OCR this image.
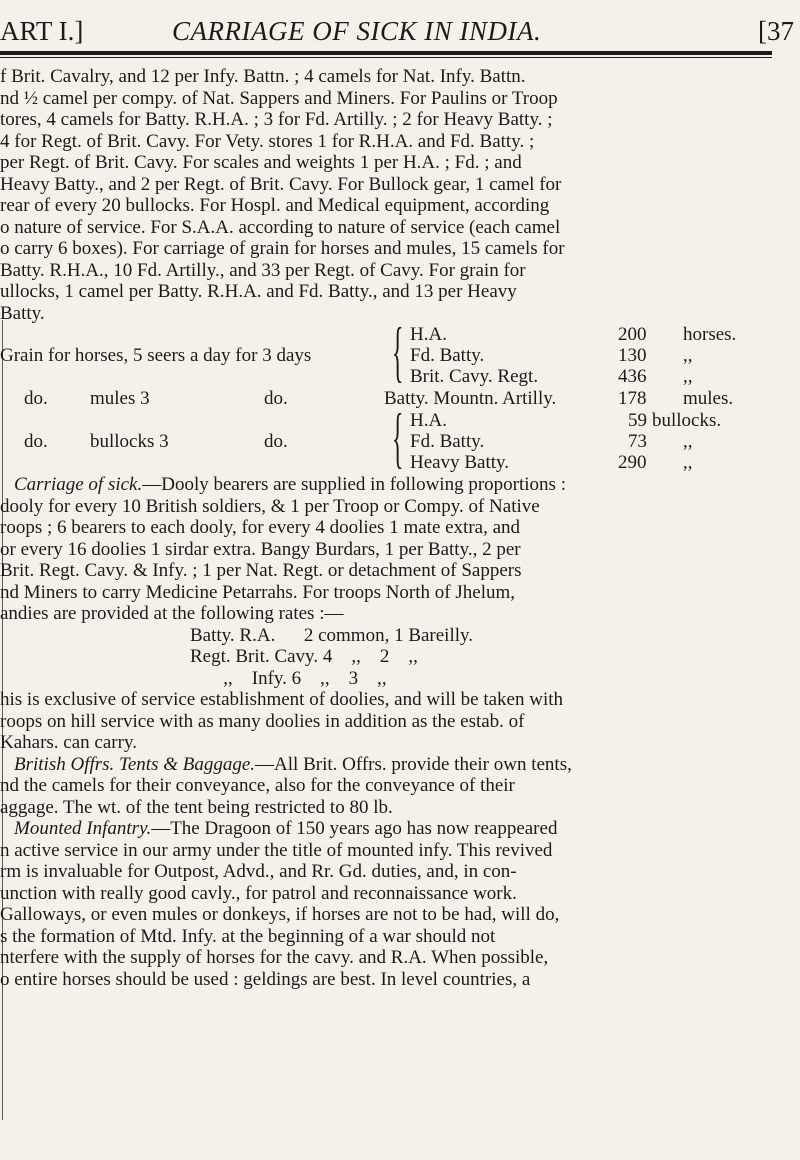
ART I.]	CARRIAGE OF SICK IN INDIA.	[37
f Brit. Cavalry, and 12 per Infy. Battn. ; 4 camels for Nat. Infy. Battn.
nd ½ camel per compy. of Nat. Sappers and Miners. For Paulins or Troop
tores, 4 camels for Batty. R.H.A. ; 3 for Fd. Artilly. ; 2 for Heavy Batty. ;
4 for Regt. of Brit. Cavy. For Vety. stores 1 for R.H.A. and Fd. Batty. ;
per Regt. of Brit. Cavy. For scales and weights 1 per H.A. ; Fd. ; and
Heavy Batty., and 2 per Regt. of Brit. Cavy. For Bullock gear, 1 camel for
rear of every 20 bullocks. For Hospl. and Medical equipment, according
o nature of service. For S.A.A. according to nature of service (each camel
o carry 6 boxes). For carriage of grain for horses and mules, 15 camels for
Batty. R.H.A., 10 Fd. Artilly., and 33 per Regt. of Cavy. For grain for
ullocks, 1 camel per Batty. R.H.A. and Fd. Batty., and 13 per Heavy
Batty.
Grain for horses, 5 seers a day for 3 days { H.A.	200 horses.
Fd. Batty.	130 ,,
Brit. Cavy. Regt.	436 ,,
do. mules 3	do.	Batty. Mountn. Artilly.	178 mules.
do. bullocks 3	do. { H.A.	59 bullocks.
Fd. Batty.	73 ,,
Heavy Batty.	290 ,,
Carriage of sick.—Dooly bearers are supplied in following proportions :
dooly for every 10 British soldiers, & 1 per Troop or Compy. of Native
roops ; 6 bearers to each dooly, for every 4 doolies 1 mate extra, and
or every 16 doolies 1 sirdar extra. Bangy Burdars, 1 per Batty., 2 per
Brit. Regt. Cavy. & Infy. ; 1 per Nat. Regt. or detachment of Sappers
nd Miners to carry Medicine Petarrahs. For troops North of Jhelum,
andies are provided at the following rates :—
Batty. R.A.      2 common, 1 Bareilly.
Regt. Brit. Cavy. 4    ,,    2    ,,
,,    Infy. 6    ,,    3    ,,
his is exclusive of service establishment of doolies, and will be taken with
roops on hill service with as many doolies in addition as the estab. of
Kahars. can carry.
British Offrs. Tents & Baggage.—All Brit. Offrs. provide their own tents,
nd the camels for their conveyance, also for the conveyance of their
aggage. The wt. of the tent being restricted to 80 lb.
Mounted Infantry.—The Dragoon of 150 years ago has now reappeared
n active service in our army under the title of mounted infy. This revived
rm is invaluable for Outpost, Advd., and Rr. Gd. duties, and, in con-
unction with really good cavly., for patrol and reconnaissance work.
Galloways, or even mules or donkeys, if horses are not to be had, will do,
s the formation of Mtd. Infy. at the beginning of a war should not
nterfere with the supply of horses for the cavy. and R.A. When possible,
o entire horses should be used : geldings are best. In level countries, a
